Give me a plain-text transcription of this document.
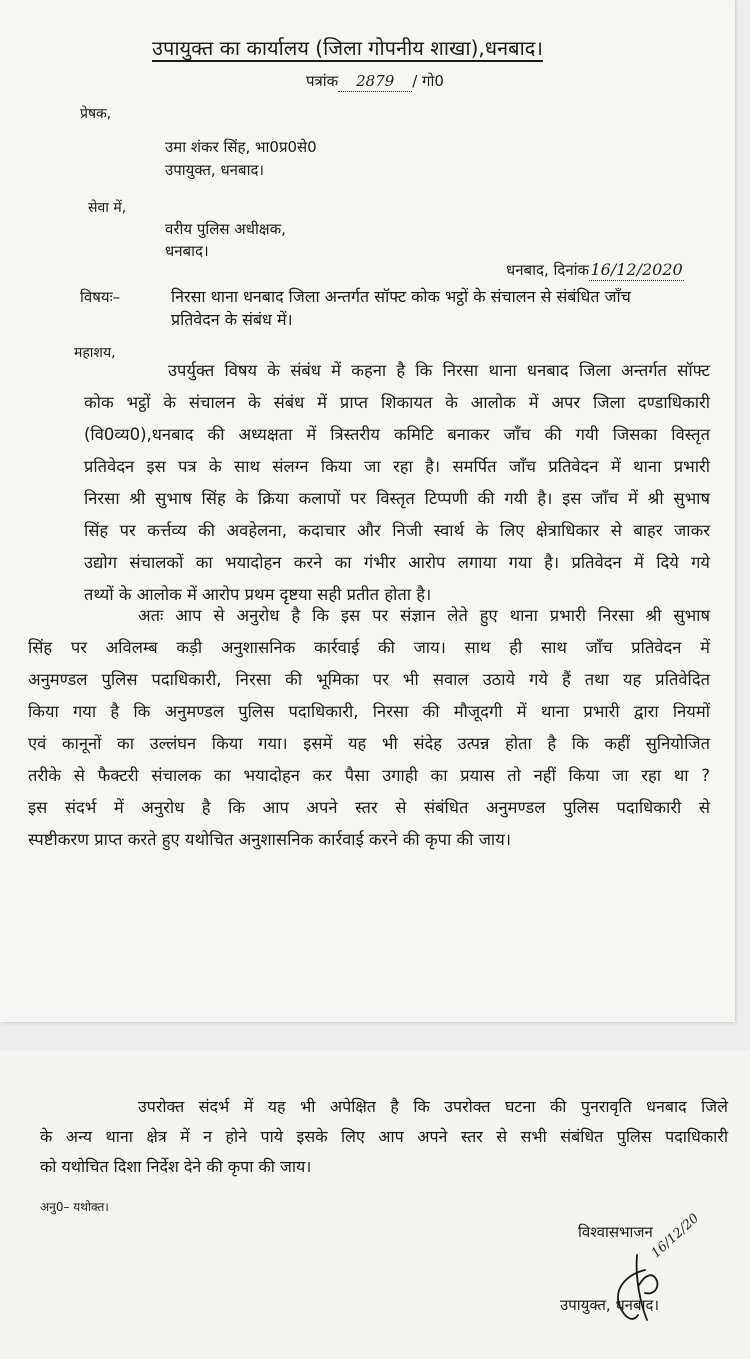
उपायुक्त का कार्यालय (जिला गोपनीय शाखा),धनबाद।
पत्रांक 2879 / गो0
प्रेषक,
उमा शंकर सिंह, भा0प्र0से0
उपायुक्त, धनबाद।
सेवा में,
वरीय पुलिस अधीक्षक,
धनबाद।
धनबाद, दिनांक16/12/2020
विषयः–	निरसा थाना धनबाद जिला अन्तर्गत सॉफ्ट कोक भट्ठों के संचालन से संबंधित जाँच
प्रतिवेदन के संबंध में।
महाशय,
उपर्युक्त विषय के संबंध में कहना है कि निरसा थाना धनबाद जिला अन्तर्गत सॉफ्ट
कोक भट्ठों के संचालन के संबंध में प्राप्त शिकायत के आलोक में अपर जिला दण्डाधिकारी
(वि0व्य0),धनबाद की अध्यक्षता में त्रिस्तरीय कमिटि बनाकर जाँच की गयी जिसका विस्तृत
प्रतिवेदन इस पत्र के साथ संलग्न किया जा रहा है। समर्पित जाँच प्रतिवेदन में थाना प्रभारी
निरसा श्री सुभाष सिंह के क्रिया कलापों पर विस्तृत टिप्पणी की गयी है। इस जाँच में श्री सुभाष
सिंह पर कर्त्तव्य की अवहेलना, कदाचार और निजी स्वार्थ के लिए क्षेत्राधिकार से बाहर जाकर
उद्योग संचालकों का भयादोहन करने का गंभीर आरोप लगाया गया है। प्रतिवेदन में दिये गये
तथ्यों के आलोक में आरोप प्रथम दृष्टया सही प्रतीत होता है।
अतः आप से अनुरोध है कि इस पर संज्ञान लेते हुए थाना प्रभारी निरसा श्री सुभाष
सिंह पर अविलम्ब कड़ी अनुशासनिक कार्रवाई की जाय। साथ ही साथ जाँच प्रतिवेदन में
अनुमण्डल पुलिस पदाधिकारी, निरसा की भूमिका पर भी सवाल उठाये गये हैं तथा यह प्रतिवेदित
किया गया है कि अनुमण्डल पुलिस पदाधिकारी, निरसा की मौजूदगी में थाना प्रभारी द्वारा नियमों
एवं कानूनों का उल्लंघन किया गया। इसमें यह भी संदेह उत्पन्न होता है कि कहीं सुनियोजित
तरीके से फैक्टरी संचालक का भयादोहन कर पैसा उगाही का प्रयास तो नहीं किया जा रहा था ?
इस संदर्भ में अनुरोध है कि आप अपने स्तर से संबंधित अनुमण्डल पुलिस पदाधिकारी से
स्पष्टीकरण प्राप्त करते हुए यथोचित अनुशासनिक कार्रवाई करने की कृपा की जाय।
उपरोक्त संदर्भ में यह भी अपेक्षित है कि उपरोक्त घटना की पुनरावृति धनबाद जिले
के अन्य थाना क्षेत्र में न होने पाये इसके लिए आप अपने स्तर से सभी संबंधित पुलिस पदाधिकारी
को यथोचित दिशा निर्देश देने की कृपा की जाय।
अनु0– यथोक्त।
विश्वासभाजन
16/12/20
उपायुक्त, धनबाद।
